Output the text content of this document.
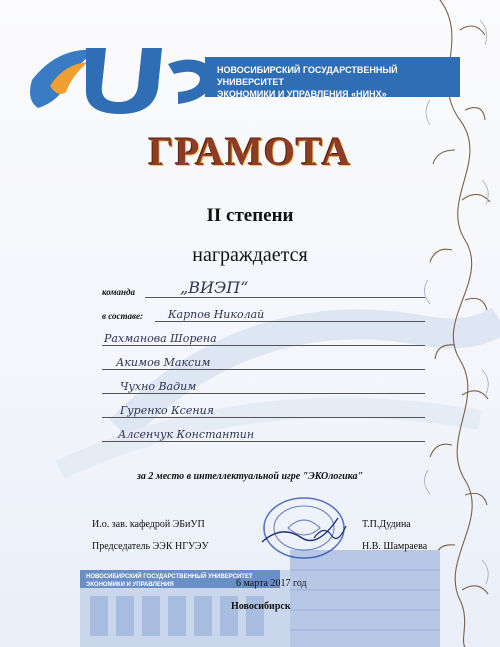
НОВОСИБИРСКИЙ ГОСУДАРСТВЕННЫЙ УНИВЕРСИТЕТ
ЭКОНОМИКИ И УПРАВЛЕНИЯ «НИНХ»
ГРАМОТА
II степени
награждается
команда	„ВИЭП“
в составе: Карпов Николай
Рахманова Шорена
Акимов Максим
Чухно Вадим
Гуренко Ксения
Алсенчук Константин
за 2 место в интеллектуальной игре "ЭКОлогика"
НОВОСИБИРСКИЙ ГОСУДАРСТВЕННЫЙ УНИВЕРСИТЕТ ЭКОНОМИКИ И УПРАВЛЕНИЯ
И.о. зав. кафедрой ЭБиУП	Т.П.Дудина
Председатель ЭЭК НГУЭУ	Н.В. Шамраева
6 марта 2017 год
Новосибирск
